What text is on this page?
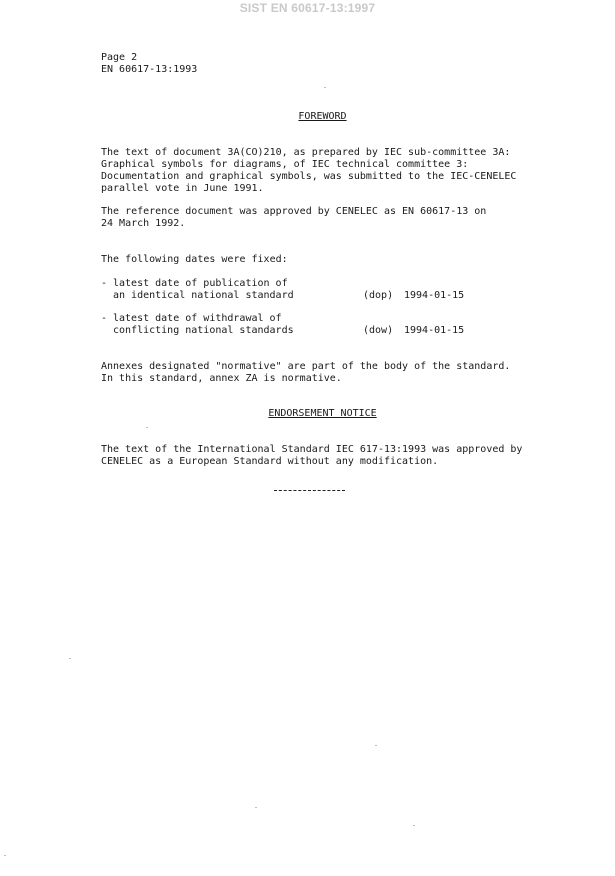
SIST EN 60617-13:1997
Page 2
EN 60617-13:1993
FOREWORD
The text of document 3A(CO)210, as prepared by IEC sub-committee 3A:
Graphical symbols for diagrams, of IEC technical committee 3:
Documentation and graphical symbols, was submitted to the IEC-CENELEC
parallel vote in June 1991.
The reference document was approved by CENELEC as EN 60617-13 on
24 March 1992.
The following dates were fixed:

-

latest date of publication of
an identical national standard

	(dop)

1994-01-15

-

latest date of withdrawal of
conflicting national standards

	(dow)

1994-01-15

Annexes designated "normative" are part of the body of the standard.
In this standard, annex ZA is normative.
ENDORSEMENT NOTICE
The text of the International Standard IEC 617-13:1993 was approved by
CENELEC as a European Standard without any modification.
